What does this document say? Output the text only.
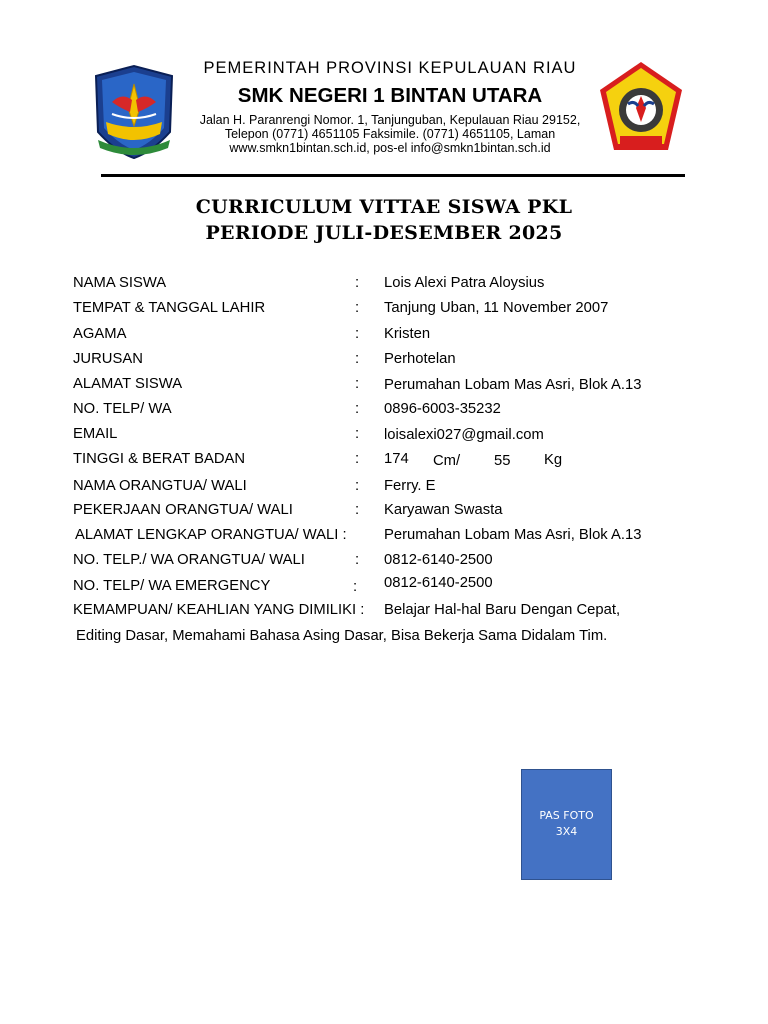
PEMERINTAH PROVINSI KEPULAUAN RIAU
SMK NEGERI 1 BINTAN UTARA
Jalan H. Paranrengi Nomor. 1, Tanjunguban, Kepulauan Riau 29152,
Telepon (0771) 4651105 Faksimile. (0771) 4651105, Laman
www.smkn1bintan.sch.id, pos-el info@smkn1bintan.sch.id
CURRICULUM VITTAE SISWA PKL
PERIODE JULI-DESEMBER 2025
NAMA SISWA	: Lois Alexi Patra Aloysius
TEMPAT & TANGGAL LAHIR	: Tanjung Uban, 11 November 2007
AGAMA	: Kristen
JURUSAN	: Perhotelan
ALAMAT SISWA	: Perumahan Lobam Mas Asri, Blok A.13
NO. TELP/ WA	: 0896-6003-35232
EMAIL	: loisalexi027@gmail.com
TINGGI & BERAT BADAN	: 174 Cm/ 55 Kg
NAMA ORANGTUA/ WALI	: Ferry. E
PEKERJAAN ORANGTUA/ WALI	: Karyawan Swasta
ALAMAT LENGKAP ORANGTUA/ WALI :	Perumahan Lobam Mas Asri, Blok A.13
NO. TELP./ WA ORANGTUA/ WALI	: 0812-6140-2500
NO. TELP/ WA EMERGENCY	: 0812-6140-2500
KEMAMPUAN/ KEAHLIAN YANG DIMILIKI : Belajar Hal-hal Baru Dengan Cepat,
Editing Dasar, Memahami Bahasa Asing Dasar, Bisa Bekerja Sama Didalam Tim.
PAS FOTO
3X4
